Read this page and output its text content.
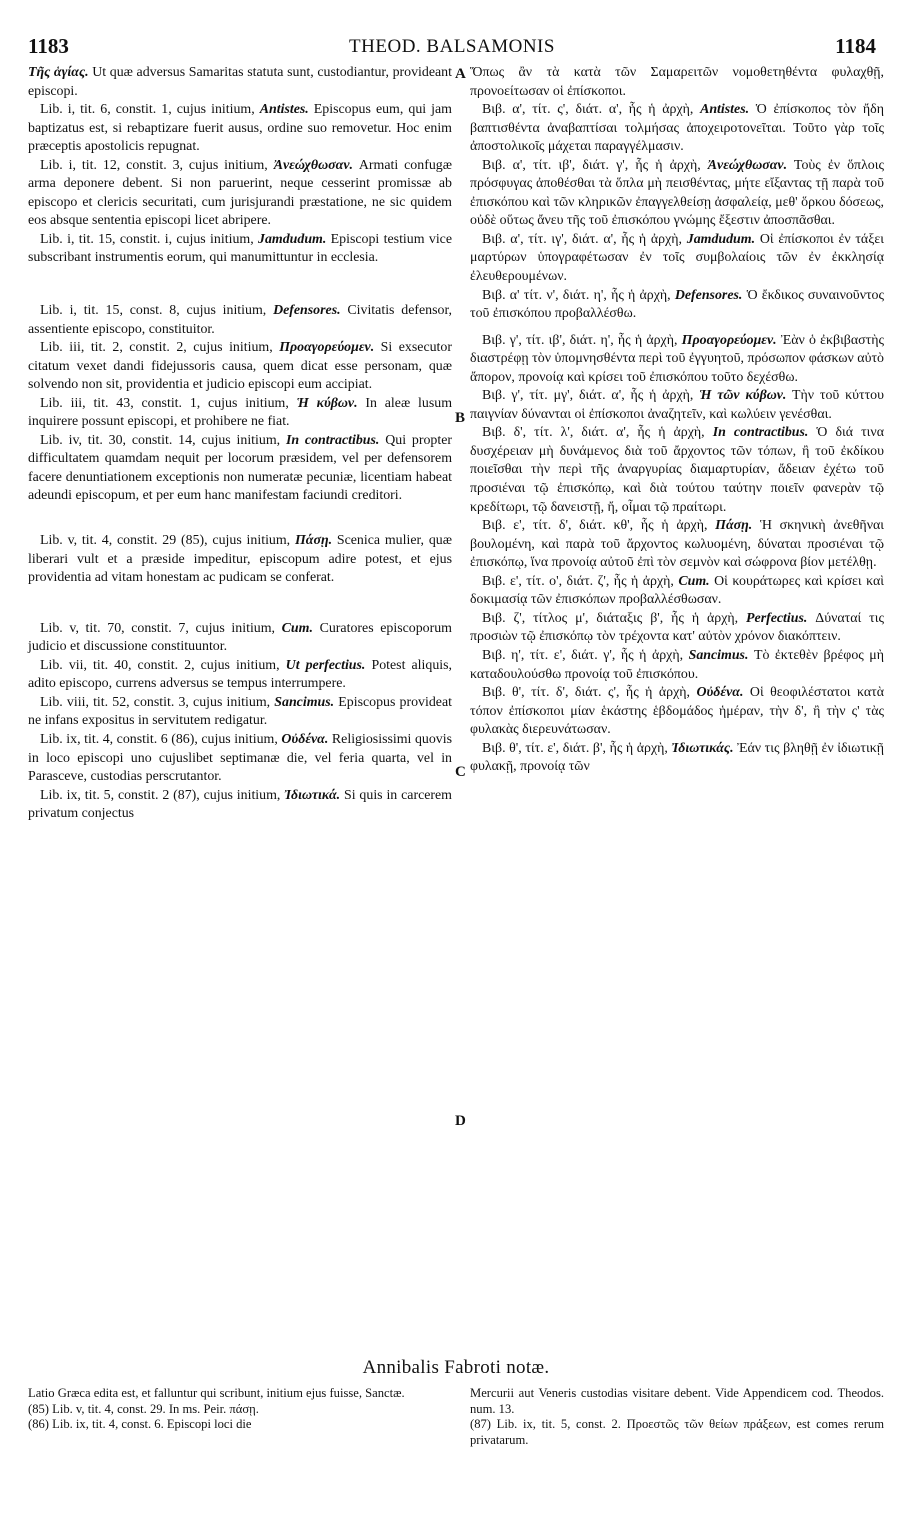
1183	THEOD. BALSAMONIS	1184
A
B
C
D

Τῆς ἁγίας. Ut quæ adversus Samaritas statuta sunt, custodiantur, provideant episcopi.

Lib. i, tit. 6, constit. 1, cujus initium, Antistes. Episcopus eum, qui jam baptizatus est, si rebaptizare fuerit ausus, ordine suo removetur. Hoc enim præceptis apostolicis repugnat.

Lib. i, tit. 12, constit. 3, cujus initium, Ἀνεώχθωσαν. Armati confugæ arma deponere debent. Si non paruerint, neque cesserint promissæ ab episcopo et clericis securitati, cum jurisjurandi præstatione, ne sic quidem eos absque sententia episcopi licet abripere.

Lib. i, tit. 15, constit. i, cujus initium, Jamdudum. Episcopi testium vice subscribant instrumentis eorum, qui manumittuntur in ecclesia.

Lib. i, tit. 15, const. 8, cujus initium, Defensores. Civitatis defensor, assentiente episcopo, constituitor.

Lib. iii, tit. 2, constit. 2, cujus initium, Προαγορεύομεν. Si exsecutor citatum vexet dandi fidejussoris causa, quem dicat esse personam, quæ solvendo non sit, providentia et judicio episcopi eum accipiat.

Lib. iii, tit. 43, constit. 1, cujus initium, Ἡ κύβων. In aleæ lusum inquirere possunt episcopi, et prohibere ne fiat.

Lib. iv, tit. 30, constit. 14, cujus initium, In contractibus. Qui propter difficultatem quamdam nequit per locorum præsidem, vel per defensorem facere denuntiationem exceptionis non numeratæ pecuniæ, licentiam habeat adeundi episcopum, et per eum hanc manifestam faciundi creditori.

Lib. v, tit. 4, constit. 29 (85), cujus initium, Πάσῃ. Scenica mulier, quæ liberari vult et a præside impeditur, episcopum adire potest, et ejus providentia ad vitam honestam ac pudicam se conferat.

Lib. v, tit. 70, constit. 7, cujus initium, Cum. Curatores episcoporum judicio et discussione constituuntor.

Lib. vii, tit. 40, constit. 2, cujus initium, Ut perfectius. Potest aliquis, adito episcopo, currens adversus se tempus interrumpere.

Lib. viii, tit. 52, constit. 3, cujus initium, Sancimus. Episcopus provideat ne infans expositus in servitutem redigatur.

Lib. ix, tit. 4, constit. 6 (86), cujus initium, Οὐδένα. Religiosissimi quovis in loco episcopi uno cujuslibet septimanæ die, vel feria quarta, vel in Parasceve, custodias perscrutantor.

Lib. ix, tit. 5, constit. 2 (87), cujus initium, Ἰδιωτικά. Si quis in carcerem privatum conjectus

Ὅπως ἂν τὰ κατὰ τῶν Σαμαρειτῶν νομοθετηθέντα φυλαχθῇ, προνοείτωσαν οἱ ἐπίσκοποι.

Βιβ. α', τίτ. ς', διάτ. α', ἧς ἡ ἀρχὴ, Antistes. Ὁ ἐπίσκοπος τὸν ἤδη βαπτισθέντα ἀναβαπτίσαι τολμήσας ἀποχειροτονεῖται. Τοῦτο γὰρ τοῖς ἀποστολικοῖς μάχεται παραγγέλμασιν.

Βιβ. α', τίτ. ιβ', διάτ. γ', ἧς ἡ ἀρχὴ, Ἀνεώχθωσαν. Τοὺς ἐν ὅπλοις πρόσφυγας ἀποθέσθαι τὰ ὅπλα μὴ πεισθέντας, μήτε εἴξαντας τῇ παρὰ τοῦ ἐπισκόπου καὶ τῶν κληρικῶν ἐπαγγελθείσῃ ἀσφαλείᾳ, μεθ' ὅρκου δόσεως, οὐδὲ οὕτως ἄνευ τῆς τοῦ ἐπισκόπου γνώμης ἔξεστιν ἀποσπᾶσθαι.

Βιβ. α', τίτ. ιγ', διάτ. α', ἧς ἡ ἀρχὴ, Jamdudum. Οἱ ἐπίσκοποι ἐν τάξει μαρτύρων ὑπογραφέτωσαν ἐν τοῖς συμβολαίοις τῶν ἐν ἐκκλησίᾳ ἐλευθερουμένων.

Βιβ. α' τίτ. ν', διάτ. η', ἧς ἡ ἀρχὴ, Defensores. Ὁ ἔκδικος συναινοῦντος τοῦ ἐπισκόπου προβαλλέσθω.

Βιβ. γ', τίτ. ιβ', διάτ. η', ἧς ἡ ἀρχὴ, Προαγορεύομεν. Ἐὰν ὁ ἐκβιβαστὴς διαστρέφῃ τὸν ὑπομνησθέντα περὶ τοῦ ἐγγυητοῦ, πρόσωπον φάσκων αὐτὸ ἄπορον, προνοίᾳ καὶ κρίσει τοῦ ἐπισκόπου τοῦτο δεχέσθω.

Βιβ. γ', τίτ. μγ', διάτ. α', ἧς ἡ ἀρχὴ, Ἡ τῶν κύβων. Τὴν τοῦ κύττου παιγνίαν δύνανται οἱ ἐπίσκοποι ἀναζητεῖν, καὶ κωλύειν γενέσθαι.

Βιβ. δ', τίτ. λ', διάτ. α', ἧς ἡ ἀρχὴ, In contractibus. Ὁ διά τινα δυσχέρειαν μὴ δυνάμενος διὰ τοῦ ἄρχοντος τῶν τόπων, ἢ τοῦ ἐκδίκου ποιεῖσθαι τὴν περὶ τῆς ἀναργυρίας διαμαρτυρίαν, ἄδειαν ἐχέτω τοῦ προσιέναι τῷ ἐπισκόπῳ, καὶ διὰ τούτου ταύτην ποιεῖν φανερὰν τῷ κρεδίτωρι, τῷ δανειστῇ, ἤ, οἶμαι τῷ πραίτωρι.

Βιβ. ε', τίτ. δ', διάτ. κθ', ἧς ἡ ἀρχὴ, Πάσῃ. Ἡ σκηνικὴ ἀνεθῆναι βουλομένη, καὶ παρὰ τοῦ ἄρχοντος κωλυομένη, δύναται προσιέναι τῷ ἐπισκόπῳ, ἵνα προνοίᾳ αὐτοῦ ἐπὶ τὸν σεμνὸν καὶ σώφρονα βίον μετέλθῃ.

Βιβ. ε', τίτ. ο', διάτ. ζ', ἧς ἡ ἀρχὴ, Cum. Οἱ κουράτωρες καὶ κρίσει καὶ δοκιμασίᾳ τῶν ἐπισκόπων προβαλλέσθωσαν.

Βιβ. ζ', τίτλος μ', διάταξις β', ἧς ἡ ἀρχὴ, Perfectius. Δύναταί τις προσιὼν τῷ ἐπισκόπῳ τὸν τρέχοντα κατ' αὐτὸν χρόνον διακόπτειν.

Βιβ. η', τίτ. ε', διάτ. γ', ἧς ἡ ἀρχὴ, Sancimus. Τὸ ἐκτεθὲν βρέφος μὴ καταδουλούσθω προνοίᾳ τοῦ ἐπισκόπου.

Βιβ. θ', τίτ. δ', διάτ. ς', ἧς ἡ ἀρχὴ, Οὐδένα. Οἱ θεοφιλέστατοι κατὰ τόπον ἐπίσκοποι μίαν ἑκάστης ἑβδομάδος ἡμέραν, τὴν δ', ἢ τὴν ς' τὰς φυλακὰς διερευνάτωσαν.

Βιβ. θ', τίτ. ε', διάτ. β', ἧς ἡ ἀρχὴ, Ἰδιωτικάς. Ἐάν τις βληθῇ ἐν ἰδιωτικῇ φυλακῇ, προνοίᾳ τῶν

Annibalis Fabroti notæ.

Latio Græca edita est, et falluntur qui scribunt, initium ejus fuisse, Sanctæ.

(85) Lib. v, tit. 4, const. 29. In ms. Peir. πάσῃ.

(86) Lib. ix, tit. 4, const. 6. Episcopi loci die

Mercurii aut Veneris custodias visitare debent. Vide Appendicem cod. Theodos. num. 13.

(87) Lib. ix, tit. 5, const. 2. Προεστῶς τῶν θείων πράξεων, est comes rerum privatarum.
